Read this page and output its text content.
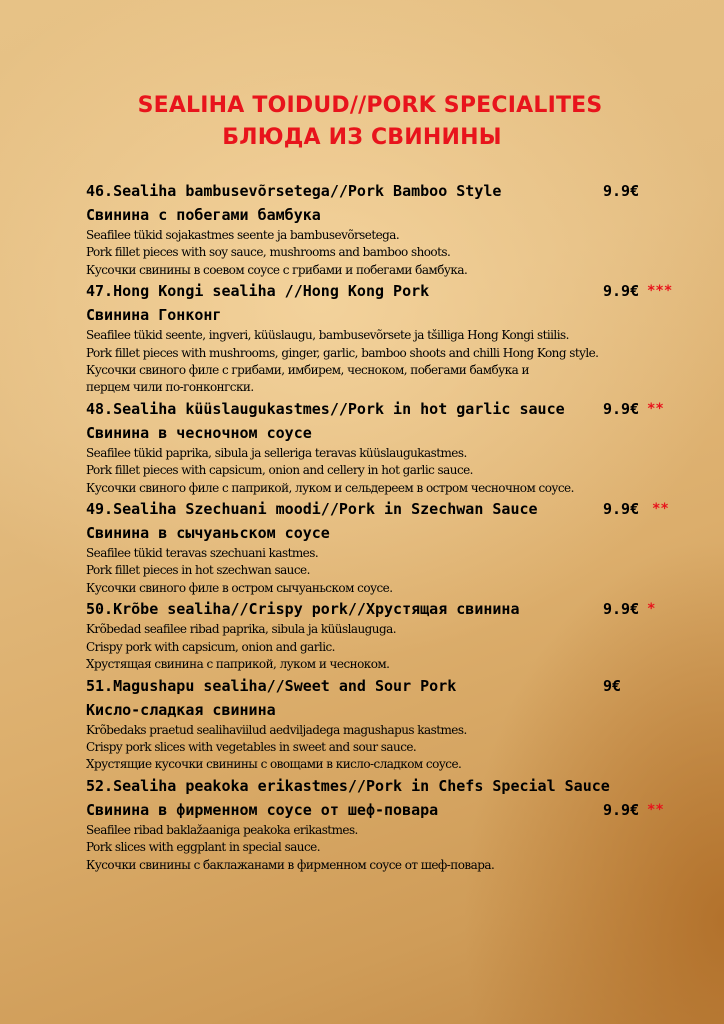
SEALIHA TOIDUD//PORK SPECIALITES
БЛЮДА ИЗ СВИНИНЫ
46.Sealiha bambusevõrsetega//Pork Bamboo Style	9.9€
Свинина с побегами бамбука
Seafilee tükid sojakastmes seente ja bambusevõrsetega.
Pork fillet pieces with soy sauce, mushrooms and bamboo shoots.
Кусочки свинины в соевом соусе с грибами и побегами бамбука.
47.Hong Kongi sealiha //Hong Kong Pork	9.9€ ***
Свинина Гонконг
Seafilee tükid seente, ingveri, küüslaugu, bambusevõrsete ja tšilliga Hong Kongi stiilis.
Pork fillet pieces with mushrooms, ginger, garlic, bamboo shoots and chilli Hong Kong style.
Кусочки свиного филе с грибами, имбирем, чесноком, побегами бамбука и
перцем чили по-гонконгски.
48.Sealiha küüslaugukastmes//Pork in hot garlic sauce	9.9€ **
Свинина в чесночном соусе
Seafilee tükid paprika, sibula ja selleriga teravas küüslaugukastmes.
Pork fillet pieces with capsicum, onion and cellery in hot garlic sauce.
Кусочки свиного филе с паприкой, луком и сельдереем в остром чесночном соусе.
49.Sealiha Szechuani moodi//Pork in Szechwan Sauce	9.9€ **
Свинина в сычуаньском соусе
Seafilee tükid teravas szechuani kastmes.
Pork fillet pieces in hot szechwan sauce.
Кусочки свиного филе в остром сычуаньском соусе.
50.Krõbe sealiha//Crispy pork//Хрустящая свинина	9.9€ *
Krõbedad seafilee ribad paprika, sibula ja küüslauguga.
Crispy pork with capsicum, onion and garlic.
Хрустящая свинина с паприкой, луком и чесноком.
51.Magushapu sealiha//Sweet and Sour Pork	9€
Кисло-сладкая свинина
Krõbedaks praetud sealihaviilud aedviljadega magushapus kastmes.
Crispy pork slices with vegetables in sweet and sour sauce.
Хрустящие кусочки свинины с овощами в кисло-сладком соусе.
52.Sealiha peakoka erikastmes//Pork in Chefs Special Sauce
Свинина в фирменном соусе от шеф-повара	9.9€ **
Seafilee ribad baklažaaniga peakoka erikastmes.
Pork slices with eggplant in special sauce.
Кусочки свинины с баклажанами в фирменном соусе от шеф-повара.
